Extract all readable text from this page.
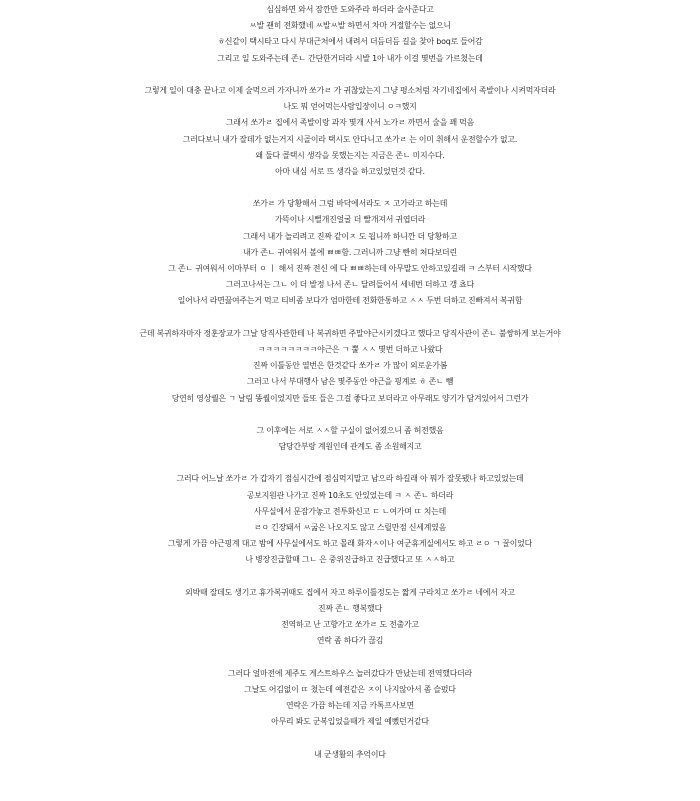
심심하면 와서 잠깐만 도와주라 하더라 술사준다고
ㅆ발 괜히 전화했네 ㅆ발ㅆ발 하면서 차마 거절할수는 없으니
ㅎ신같이 택시타고 다시 부대근처에서 내려서 더듬더듬 길을 찾아 boq로 들어감
그리고 일 도와주는데 존ㄴ 간단한거더라 시발 1아 내가 이걸 몇번을 가르쳤는데
그렇게 일이 대충 끝나고 이제 술먹으러 가자니까 쏘가ㄹ 가 귀찮았는지 그냥 평소처럼 자기네집에서 족발이나 시켜먹자더라
나도 뭐 얻어먹는사람입장이니 ㅇㅋ했지
그래서 쏘가ㄹ 집에서 족발이랑 과자 몇개 사서 노가ㄹ 까면서 술을 꽤 먹음
그러다보니 내가 잘데가 없는거지 시골이라 택시도 안다니고 쏘가ㄹ 는 이미 취해서 운전할수가 없고.
왜 둘다 콜택시 생각을 못했는지는 지금은 존ㄴ 미지수다.
아마 내심 서로 뜨 생각을 하고있었던것 같다.
쏘가ㄹ 가 당황해서 그럼 바닥에서라도 ㅈ 고가라고 하는데
가뜩이나 시뻘개진얼굴 더 빨개져서 귀엽더라
그래서 내가 놀리려고 진짜 같이ㅈ 도 됩니까 하니깐 더 당황하고
내가 존ㄴ 귀여워서 볼에 ㅃㅃ함. 그러니까 그냥 빤히 쳐다보더린
그 존ㄴ 귀여워서 이마부터 ㅇ ㅣ 해서 진짜 전신 에 다 ㅃㅃ하는데 아무말도 안하고있길래 ㅋ 스부터 시작했다
그러고나서는 그ㄴ 이 더 발정 나서 존ㄴ 달려들어서 세네번 더하고 갱 쵸다
일어나서 라면끓여주는거 먹고 티비좀 보다가 엄마한테 전화한통하고 ㅅㅅ 두번 더하고 진빠져서 복귀함
근데 복귀하자마자 정훈장교가 그날 당직사관한테 나 복귀하면 주말야근시키겠다고 했다고 당직사관이 존ㄴ 불쌍하게 보는거야
ㅋㅋㅋㅋㅋㅋㅋㅋ야근은 ㄱ 뿔 ㅅㅅ 몇번 더하고 나왔다
진짜 이틀동안 열번은 한것같다 쏘가ㄹ 가 많이 외로운가봄
그러고 나서 부대행사 남은 몇주동안 야근을 핑계로 ㅎ 존ㄴ 뻄
당연히 영상퀄은 ㄱ 날림 똥퀄이었지만 들또 들은 그걸 좋다고 보더라고 아무래도 양기가 담겨있어서 그런가
그 이후에는 서로 ㅅㅅ할 구실이 없어졌으니 좀 허전했음
담당간부랑 계원인데 관계도 좀 소원해지고
그러다 어느날 쏘가ㄹ 가 갑자기 점심시간에 점심먹지말고 남으라 하길래 아 뭐가 잘못됐나 하고있었는데
공보지원관 나가고 진짜 10초도 안있었는데 ㅋ ㅅ 존ㄴ 하더라
사무실에서 문잠가놓고 전투화신고 ㄷ ㄴ여가며 ㄸ 치는데
ㄹㅇ 긴장돼서 ㅆ굶은 나오지도 않고 스릴만점 신세계였음
그렇게 가끔 야근핑계 대고 밤에 사무실에서도 하고 몰래 화자ㅅ이나 여군휴게실에서도 하고 ㄹㅇ ㄱ 꿀이었다
나 병장진급할때 그ㄴ 은 중위진급하고 진급했다고 또 ㅅㅅ하고
외박때 잘데도 생기고 휴가복귀때도 집에서 자고 하루이틀정도는 짧게 구라치고 쏘가ㄹ 네에서 자고
진짜 존ㄴ 행복했다
전역하고 난 고향가고 쏘가ㄹ 도 전출가고
연락 좀 하다가 끊김
그러다 얼마전에 제주도 게스트하우스 놀러갔다가 만났는데 전역했다더라
그날도 어김없이 ㄸ 쳤는데 예전같은 ㅈ이 나지않아서 좀 슬펐다
연락은 가끔 하는데 지금 카톡프사보면
아무리 봐도 군복입었을때가 제일 예뻤던거같다
내 군생활의 추억이다
